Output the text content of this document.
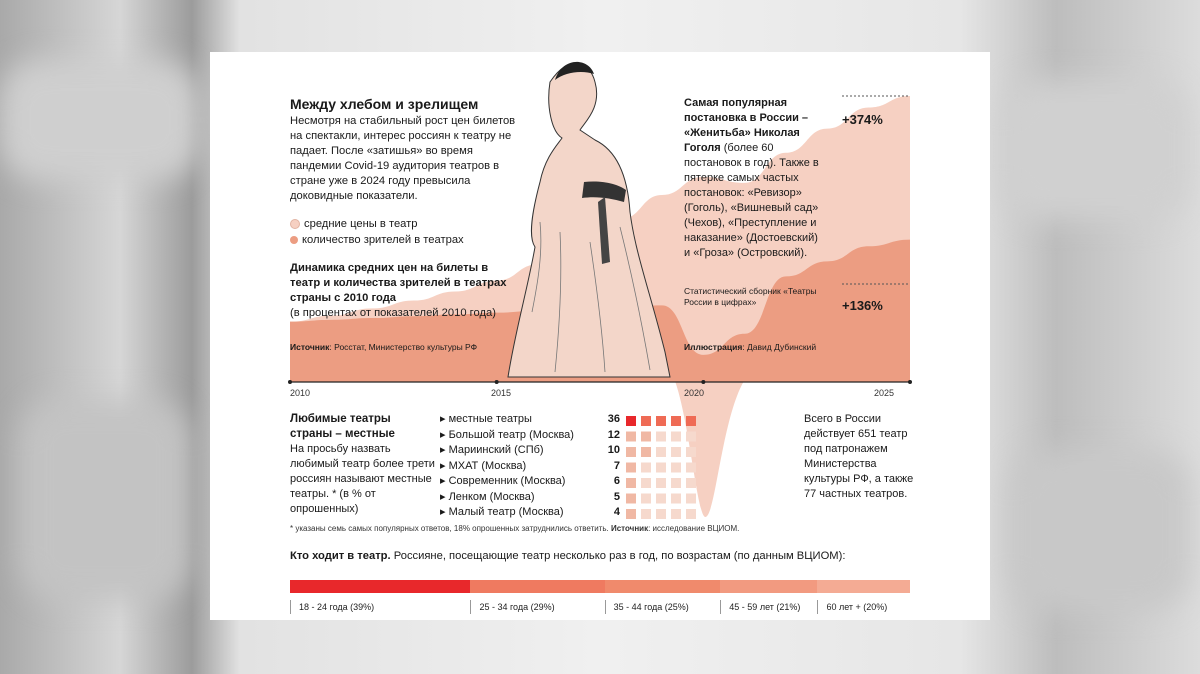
Между хлебом и зрелищем
Несмотря на стабильный рост цен билетов на спектакли, интерес россиян к театру не падает. После «затишья» во время пандемии Covid-19 аудитория театров в стране уже в 2024 году превысила доковидные показатели.
средние цены в театр
количество зрителей в театрах
Динамика средних цен на билеты в театр и количества зрителей в театрах страны с 2010 года
(в процентах от показателей 2010 года)
Источник: Росстат, Министерство культуры РФ
Самая популярная постановка в России – «Женитьба» Николая Гоголя (более 60 постановок в год). Также в пятерке самых частых постановок: «Ревизор» (Гоголь), «Вишневый сад» (Чехов), «Преступление и наказание» (Достоевский) и «Гроза» (Островский).
Статистический сборник «Театры России в цифрах»
Иллюстрация: Давид Дубинский
+374%
+136%
2010	2015	2020	2025
Любимые театры страны – местные
На просьбу назвать любимый театр более трети россиян называют местные театры. * (в % от опрошенных)
▸ местные театры	36
▸ Большой театр (Москва)	12
▸ Мариинский (СПб)	10
▸ МХАТ (Москва)	7
▸ Современник (Москва)	6
▸ Ленком (Москва)	5
▸ Малый театр (Москва)	4
Всего в России действует 651 театр под патронажем Министерства культуры РФ, а также 77 частных театров.
* указаны семь самых популярных ответов, 18% опрошенных затруднились ответить. Источник: исследование ВЦИОМ.
Кто ходит в театр. Россияне, посещающие театр несколько раз в год, по возрастам (по данным ВЦИОМ):
18 - 24 года (39%)	25 - 34 года (29%)	35 - 44 года (25%)	45 - 59 лет (21%)	60 лет + (20%)
